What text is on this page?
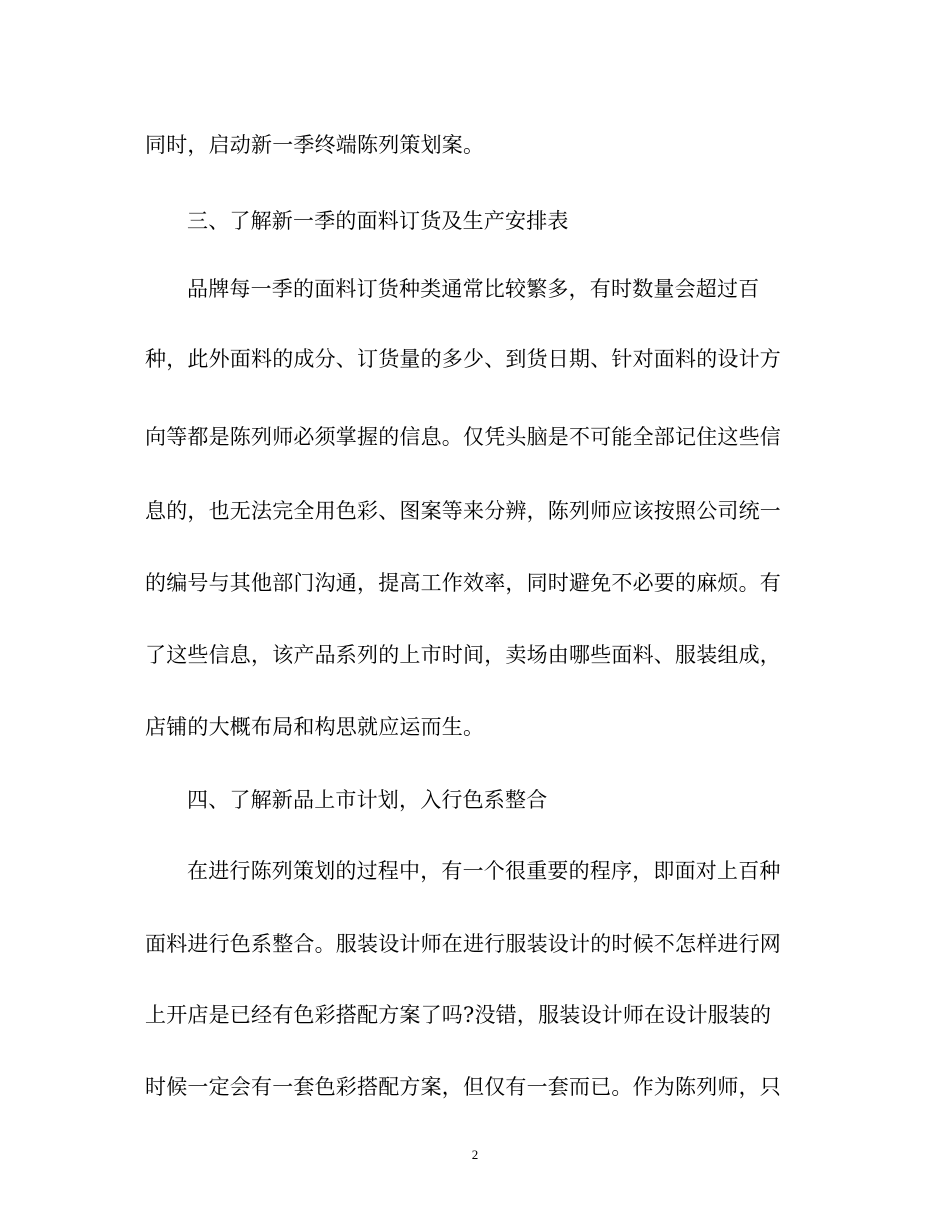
同时，启动新一季终端陈列策划案。
三、了解新一季的面料订货及生产安排表
品牌每一季的面料订货种类通常比较繁多，有时数量会超过百
种，此外面料的成分、订货量的多少、到货日期、针对面料的设计方
向等都是陈列师必须掌握的信息。仅凭头脑是不可能全部记住这些信
息的，也无法完全用色彩、图案等来分辨，陈列师应该按照公司统一
的编号与其他部门沟通，提高工作效率，同时避免不必要的麻烦。有
了这些信息，该产品系列的上市时间，卖场由哪些面料、服装组成，
店铺的大概布局和构思就应运而生。
四、了解新品上市计划，入行色系整合
在进行陈列策划的过程中，有一个很重要的程序，即面对上百种
面料进行色系整合。服装设计师在进行服装设计的时候不怎样进行网
上开店是已经有色彩搭配方案了吗?没错，服装设计师在设计服装的
时候一定会有一套色彩搭配方案，但仅有一套而已。作为陈列师，只
2
